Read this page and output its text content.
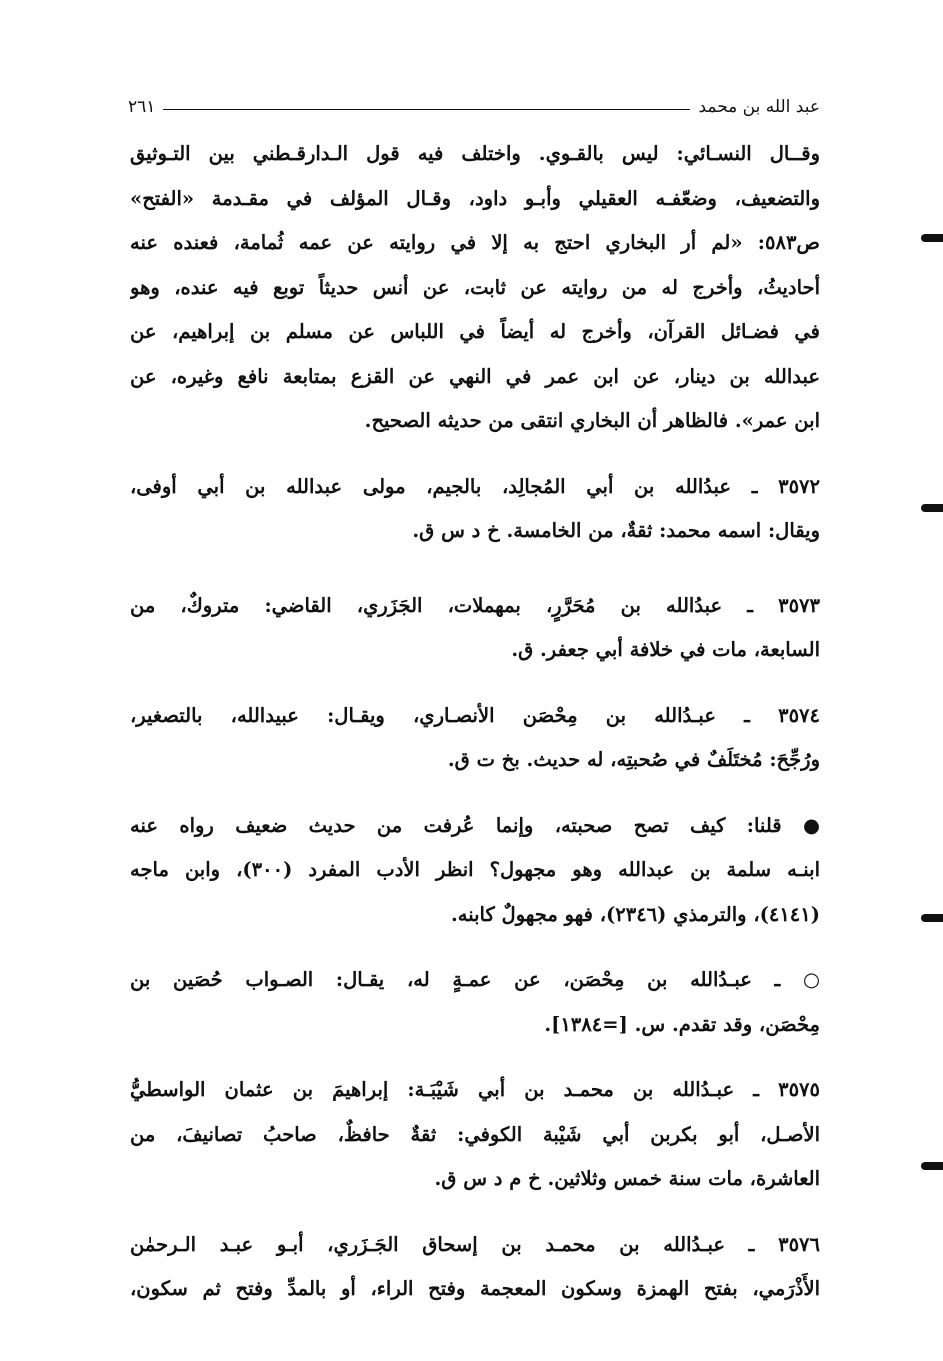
عبد الله بن محمد
٢٦١

وقــال النسـائي: ليس بالقـوي. واختلف فيه قول الـدارقـطني بين التـوثيق
والتضعيف، وضعّفـه العقيلي وأبـو داود، وقـال المؤلف في مقـدمة «الفتح»
ص٥٨٣: «لم أر البخاري احتج به إلا في روايته عن عمه ثُمامة، فعنده عنه
أحاديثُ، وأخرج له من روايته عن ثابت، عن أنس حديثاً توبع فيه عنده، وهو
في فضـائل القرآن، وأخرج له أيضاً في اللباس عن مسلم بن إبراهيم، عن
عبدالله بن دينار، عن ابن عمر في النهي عن القزع بمتابعة نافع وغيره، عن
ابن عمر». فالظاهر أن البخاري انتقى من حديثه الصحيح.

٣٥٧٢ ـ عبدُالله بن أبي المُجالِد، بالجيم، مولى عبدالله بن أبي أوفى،
ويقال: اسمه محمد: ثقةٌ، من الخامسة. خ د س ق.

٣٥٧٣ ـ عبدُالله بن مُحَرَّرٍ، بمهملات، الجَزَري، القاضي: متروكٌ، من
السابعة، مات في خلافة أبي جعفر. ق.

٣٥٧٤ ـ عبـدُالله بن مِحْصَن الأنصـاري، ويقـال: عبيدالله، بالتصغير،
ورُجِّحَ: مُختَلَفٌ في صُحبتِه، له حديث. بخ ت ق.

● قلنا: كيف تصح صحبته، وإنما عُرفت من حديث ضعيف رواه عنه
ابنـه سلمة بن عبدالله وهو مجهول؟ انظر الأدب المفرد (٣٠٠)، وابن ماجه
(٤١٤١)، والترمذي (٢٣٤٦)، فهو مجهولٌ كابنه.

○ ـ عبـدُالله بن مِحْصَن، عن عمـةٍ له، يقـال: الصـواب حُصَين بن
مِحْصَن، وقد تقدم. س. [=١٣٨٤].

٣٥٧٥ ـ عبـدُالله بن محمـد بن أبي شَيْبَـة: إبراهيمَ بن عثمان الواسطيُّ
الأصـل، أبو بكربن أبي شَيْبة الكوفي: ثقةٌ حافظٌ، صاحبُ تصانيفَ، من
العاشرة، مات سنة خمس وثلاثين. خ م د س ق.

٣٥٧٦ ـ عبـدُالله بن محمـد بن إسحاق الجَـزَري، أبـو عبـد الـرحمٰن
الأَذْرَمي، بفتح الهمزة وسكون المعجمة وفتح الراء، أو بالمدِّ وفتح ثم سكون،
